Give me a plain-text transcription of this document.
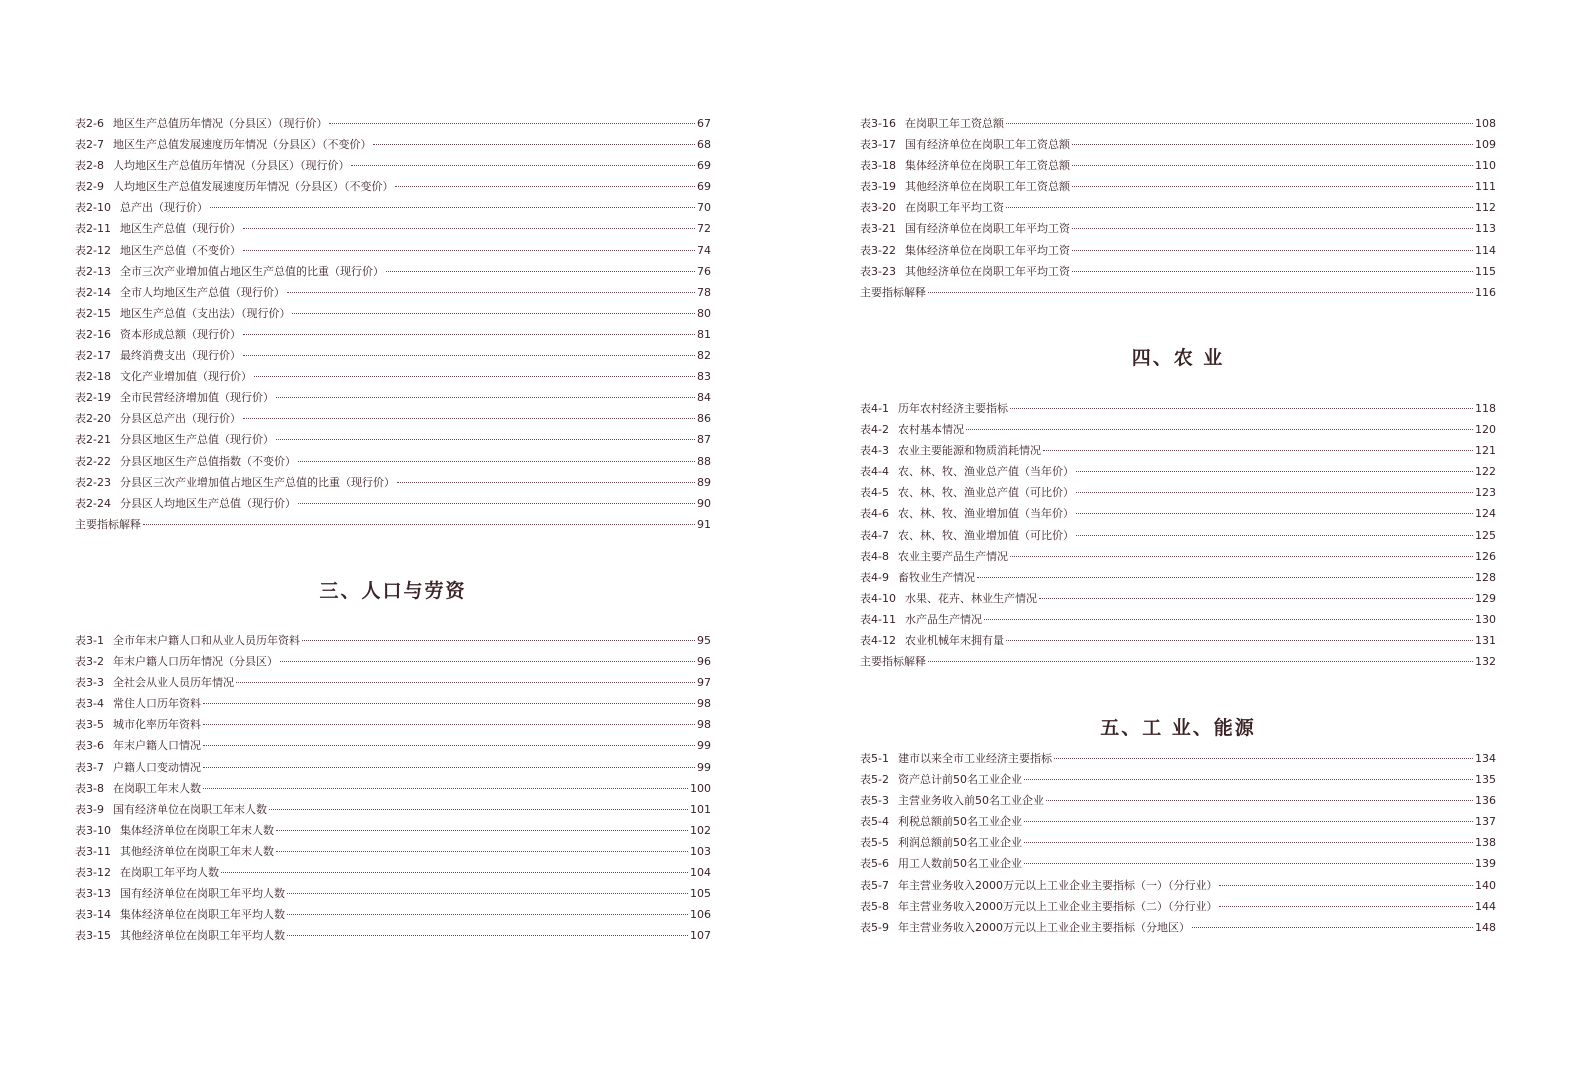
表2-6 地区生产总值历年情况（分县区）（现行价）	67
表2-7 地区生产总值发展速度历年情况（分县区）（不变价）	68
表2-8 人均地区生产总值历年情况（分县区）（现行价）	69
表2-9 人均地区生产总值发展速度历年情况（分县区）（不变价）	69
表2-10 总产出（现行价）	70
表2-11 地区生产总值（现行价）	72
表2-12 地区生产总值（不变价）	74
表2-13 全市三次产业增加值占地区生产总值的比重（现行价）	76
表2-14 全市人均地区生产总值（现行价）	78
表2-15 地区生产总值（支出法）（现行价）	80
表2-16 资本形成总额（现行价）	81
表2-17 最终消费支出（现行价）	82
表2-18 文化产业增加值（现行价）	83
表2-19 全市民营经济增加值（现行价）	84
表2-20 分县区总产出（现行价）	86
表2-21 分县区地区生产总值（现行价）	87
表2-22 分县区地区生产总值指数（不变价）	88
表2-23 分县区三次产业增加值占地区生产总值的比重（现行价）	89
表2-24 分县区人均地区生产总值（现行价）	90
主要指标解释	91
三、人口与劳资
表3-1 全市年末户籍人口和从业人员历年资料	95
表3-2 年末户籍人口历年情况（分县区）	96
表3-3 全社会从业人员历年情况	97
表3-4 常住人口历年资料	98
表3-5 城市化率历年资料	98
表3-6 年末户籍人口情况	99
表3-7 户籍人口变动情况	99
表3-8 在岗职工年末人数	100
表3-9 国有经济单位在岗职工年末人数	101
表3-10 集体经济单位在岗职工年末人数	102
表3-11 其他经济单位在岗职工年末人数	103
表3-12 在岗职工年平均人数	104
表3-13 国有经济单位在岗职工年平均人数	105
表3-14 集体经济单位在岗职工年平均人数	106
表3-15 其他经济单位在岗职工年平均人数	107
表3-16 在岗职工年工资总额	108
表3-17 国有经济单位在岗职工年工资总额	109
表3-18 集体经济单位在岗职工年工资总额	110
表3-19 其他经济单位在岗职工年工资总额	111
表3-20 在岗职工年平均工资	112
表3-21 国有经济单位在岗职工年平均工资	113
表3-22 集体经济单位在岗职工年平均工资	114
表3-23 其他经济单位在岗职工年平均工资	115
主要指标解释	116
四、农 业
表4-1 历年农村经济主要指标	118
表4-2 农村基本情况	120
表4-3 农业主要能源和物质消耗情况	121
表4-4 农、林、牧、渔业总产值（当年价）	122
表4-5 农、林、牧、渔业总产值（可比价）	123
表4-6 农、林、牧、渔业增加值（当年价）	124
表4-7 农、林、牧、渔业增加值（可比价）	125
表4-8 农业主要产品生产情况	126
表4-9 畜牧业生产情况	128
表4-10 水果、花卉、林业生产情况	129
表4-11 水产品生产情况	130
表4-12 农业机械年末拥有量	131
主要指标解释	132
五、工 业、能源
表5-1 建市以来全市工业经济主要指标	134
表5-2 资产总计前50名工业企业	135
表5-3 主营业务收入前50名工业企业	136
表5-4 利税总额前50名工业企业	137
表5-5 利润总额前50名工业企业	138
表5-6 用工人数前50名工业企业	139
表5-7 年主营业务收入2000万元以上工业企业主要指标（一）（分行业）	140
表5-8 年主营业务收入2000万元以上工业企业主要指标（二）（分行业）	144
表5-9 年主营业务收入2000万元以上工业企业主要指标（分地区）	148
